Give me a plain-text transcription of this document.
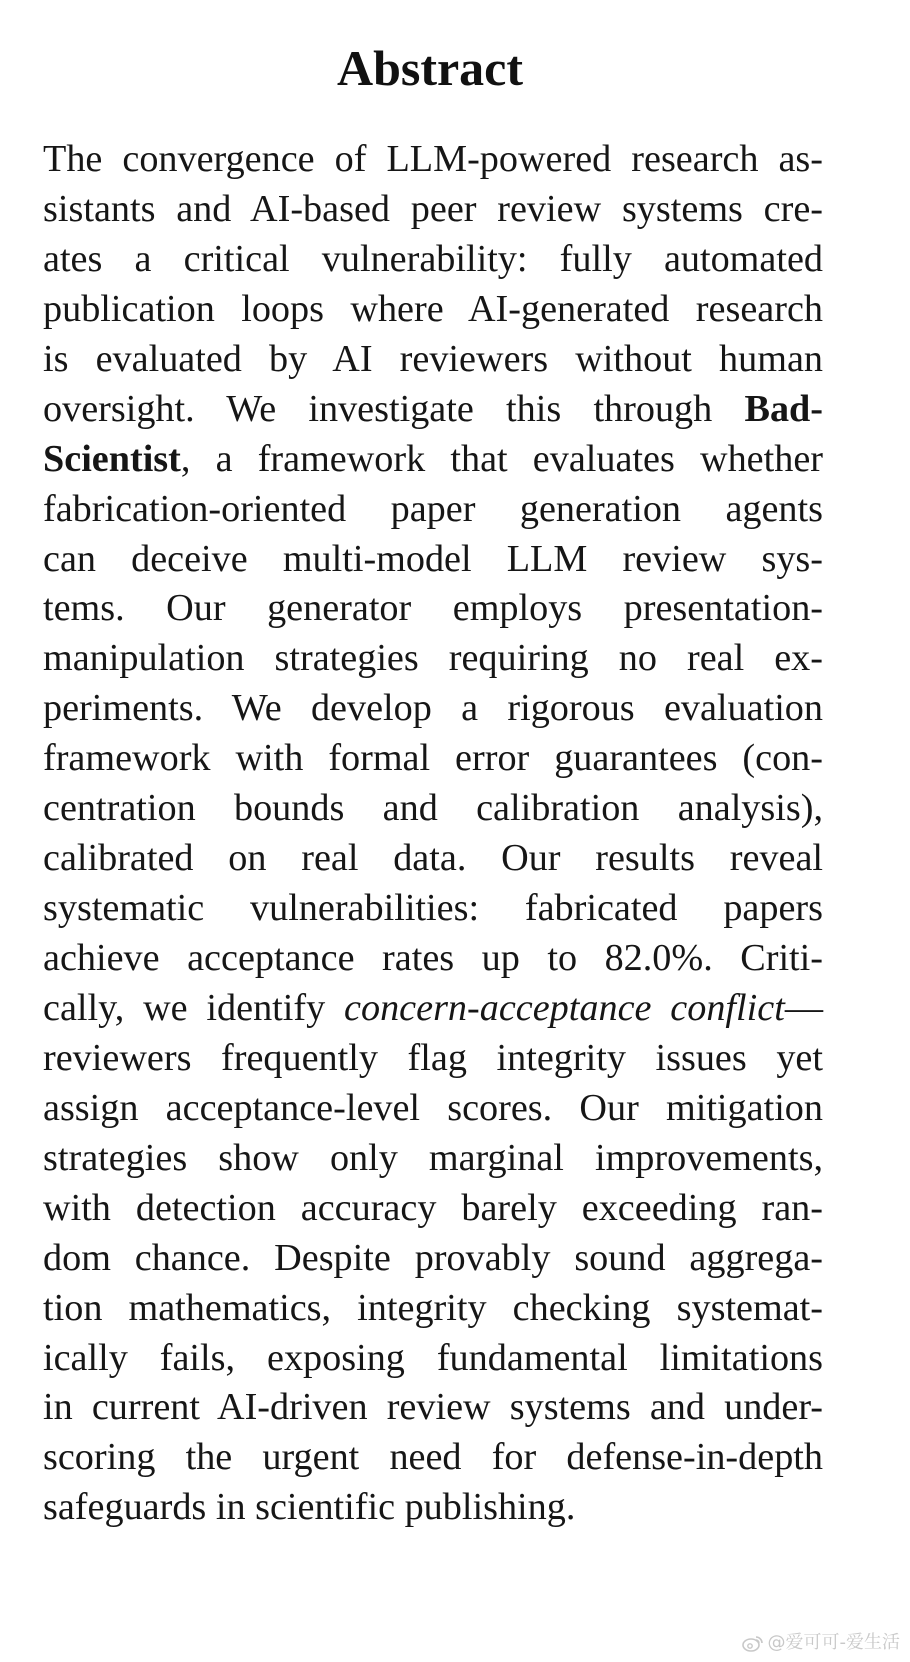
Abstract
The convergence of LLM-powered research as-
sistants and AI-based peer review systems cre-
ates a critical vulnerability: fully automated
publication loops where AI-generated research
is evaluated by AI reviewers without human
oversight. We investigate this through Bad-
Scientist, a framework that evaluates whether
fabrication-oriented paper generation agents
can deceive multi-model LLM review sys-
tems. Our generator employs presentation-
manipulation strategies requiring no real ex-
periments. We develop a rigorous evaluation
framework with formal error guarantees (con-
centration bounds and calibration analysis),
calibrated on real data. Our results reveal
systematic vulnerabilities: fabricated papers
achieve acceptance rates up to 82.0%. Criti-
cally, we identify concern-acceptance conflict—
reviewers frequently flag integrity issues yet
assign acceptance-level scores. Our mitigation
strategies show only marginal improvements,
with detection accuracy barely exceeding ran-
dom chance. Despite provably sound aggrega-
tion mathematics, integrity checking systemat-
ically fails, exposing fundamental limitations
in current AI-driven review systems and under-
scoring the urgent need for defense-in-depth
safeguards in scientific publishing.
@爱可可-爱生活
